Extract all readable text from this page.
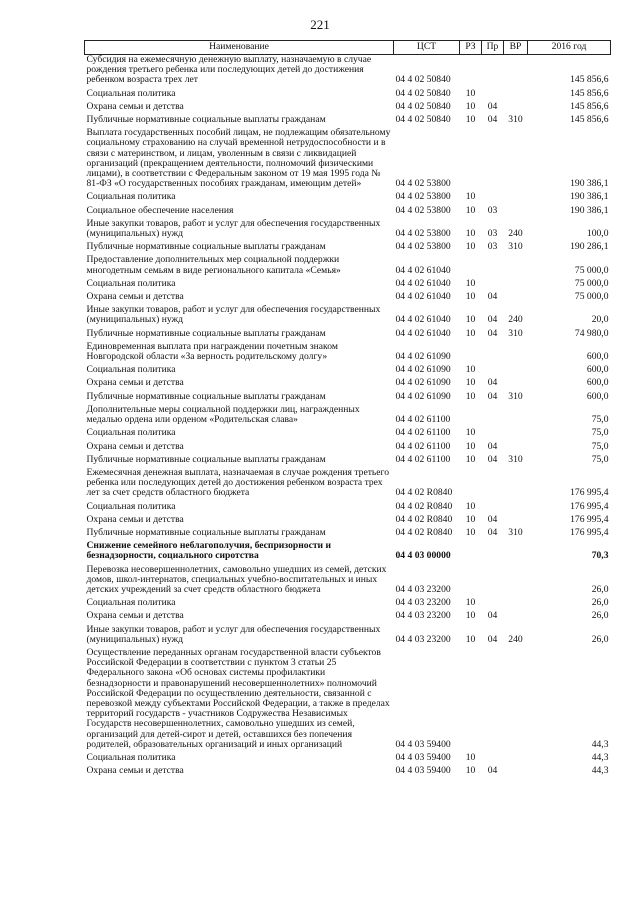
221
Наименование	ЦСТ	РЗ	Пр	ВР	2016 год
Субсидия на ежемесячную денежную выплату, назначаемую в случае рождения третьего ребенка или последующих детей до достижения ребенком возраста трех лет	04 4 02 50840				145 856,6
Социальная политика	04 4 02 50840	10			145 856,6
Охрана семьи и детства	04 4 02 50840	10	04		145 856,6
Публичные нормативные социальные выплаты гражданам	04 4 02 50840	10	04	310	145 856,6
Выплата государственных пособий лицам, не подлежащим обязательному социальному страхованию на случай временной нетрудоспособности и в связи с материнством, и лицам, уволенным в связи с ликвидацией организаций (прекращением деятельности, полномочий физическими лицами), в соответствии с Федеральным законом от 19 мая 1995 года № 81-ФЗ «О государственных пособиях гражданам, имеющим детей»	04 4 02 53800				190 386,1
Социальная политика	04 4 02 53800	10			190 386,1
Социальное обеспечение населения	04 4 02 53800	10	03		190 386,1
Иные закупки товаров, работ и услуг для обеспечения государственных (муниципальных) нужд	04 4 02 53800	10	03	240	100,0
Публичные нормативные социальные выплаты гражданам	04 4 02 53800	10	03	310	190 286,1
Предоставление дополнительных мер социальной поддержки многодетным семьям в виде регионального капитала «Семья»	04 4 02 61040				75 000,0
Социальная политика	04 4 02 61040	10			75 000,0
Охрана семьи и детства	04 4 02 61040	10	04		75 000,0
Иные закупки товаров, работ и услуг для обеспечения государственных (муниципальных) нужд	04 4 02 61040	10	04	240	20,0
Публичные нормативные социальные выплаты гражданам	04 4 02 61040	10	04	310	74 980,0
Единовременная выплата при награждении почетным знаком Новгородской области «За верность родительскому долгу»	04 4 02 61090				600,0
Социальная политика	04 4 02 61090	10			600,0
Охрана семьи и детства	04 4 02 61090	10	04		600,0
Публичные нормативные социальные выплаты гражданам	04 4 02 61090	10	04	310	600,0
Дополнительные меры социальной поддержки лиц, награжденных медалью ордена или орденом «Родительская слава»	04 4 02 61100				75,0
Социальная политика	04 4 02 61100	10			75,0
Охрана семьи и детства	04 4 02 61100	10	04		75,0
Публичные нормативные социальные выплаты гражданам	04 4 02 61100	10	04	310	75,0
Ежемесячная денежная выплата, назначаемая в случае рождения третьего ребенка или последующих детей до достижения ребенком возраста трех лет за счет средств областного бюджета	04 4 02 R0840				176 995,4
Социальная политика	04 4 02 R0840	10			176 995,4
Охрана семьи и детства	04 4 02 R0840	10	04		176 995,4
Публичные нормативные социальные выплаты гражданам	04 4 02 R0840	10	04	310	176 995,4
Снижение семейного неблагополучия, беспризорности и безнадзорности, социального сиротства	04 4 03 00000				70,3
Перевозка несовершеннолетних, самовольно ушедших из семей, детских домов, школ-интернатов, специальных учебно-воспитательных и иных детских учреждений за счет средств областного бюджета	04 4 03 23200				26,0
Социальная политика	04 4 03 23200	10			26,0
Охрана семьи и детства	04 4 03 23200	10	04		26,0
Иные закупки товаров, работ и услуг для обеспечения государственных (муниципальных) нужд	04 4 03 23200	10	04	240	26,0
Осуществление переданных органам государственной власти субъектов Российской Федерации в соответствии с пунктом 3 статьи 25 Федерального закона «Об основах системы профилактики безнадзорности и правонарушений несовершеннолетних» полномочий Российской Федерации по осуществлению деятельности, связанной с перевозкой между субъектами Российской Федерации, а также в пределах территорий государств - участников Содружества Независимых Государств несовершеннолетних, самовольно ушедших из семей, организаций для детей-сирот и детей, оставшихся без попечения родителей, образовательных организаций и иных организаций	04 4 03 59400				44,3
Социальная политика	04 4 03 59400	10			44,3
Охрана семьи и детства	04 4 03 59400	10	04		44,3
